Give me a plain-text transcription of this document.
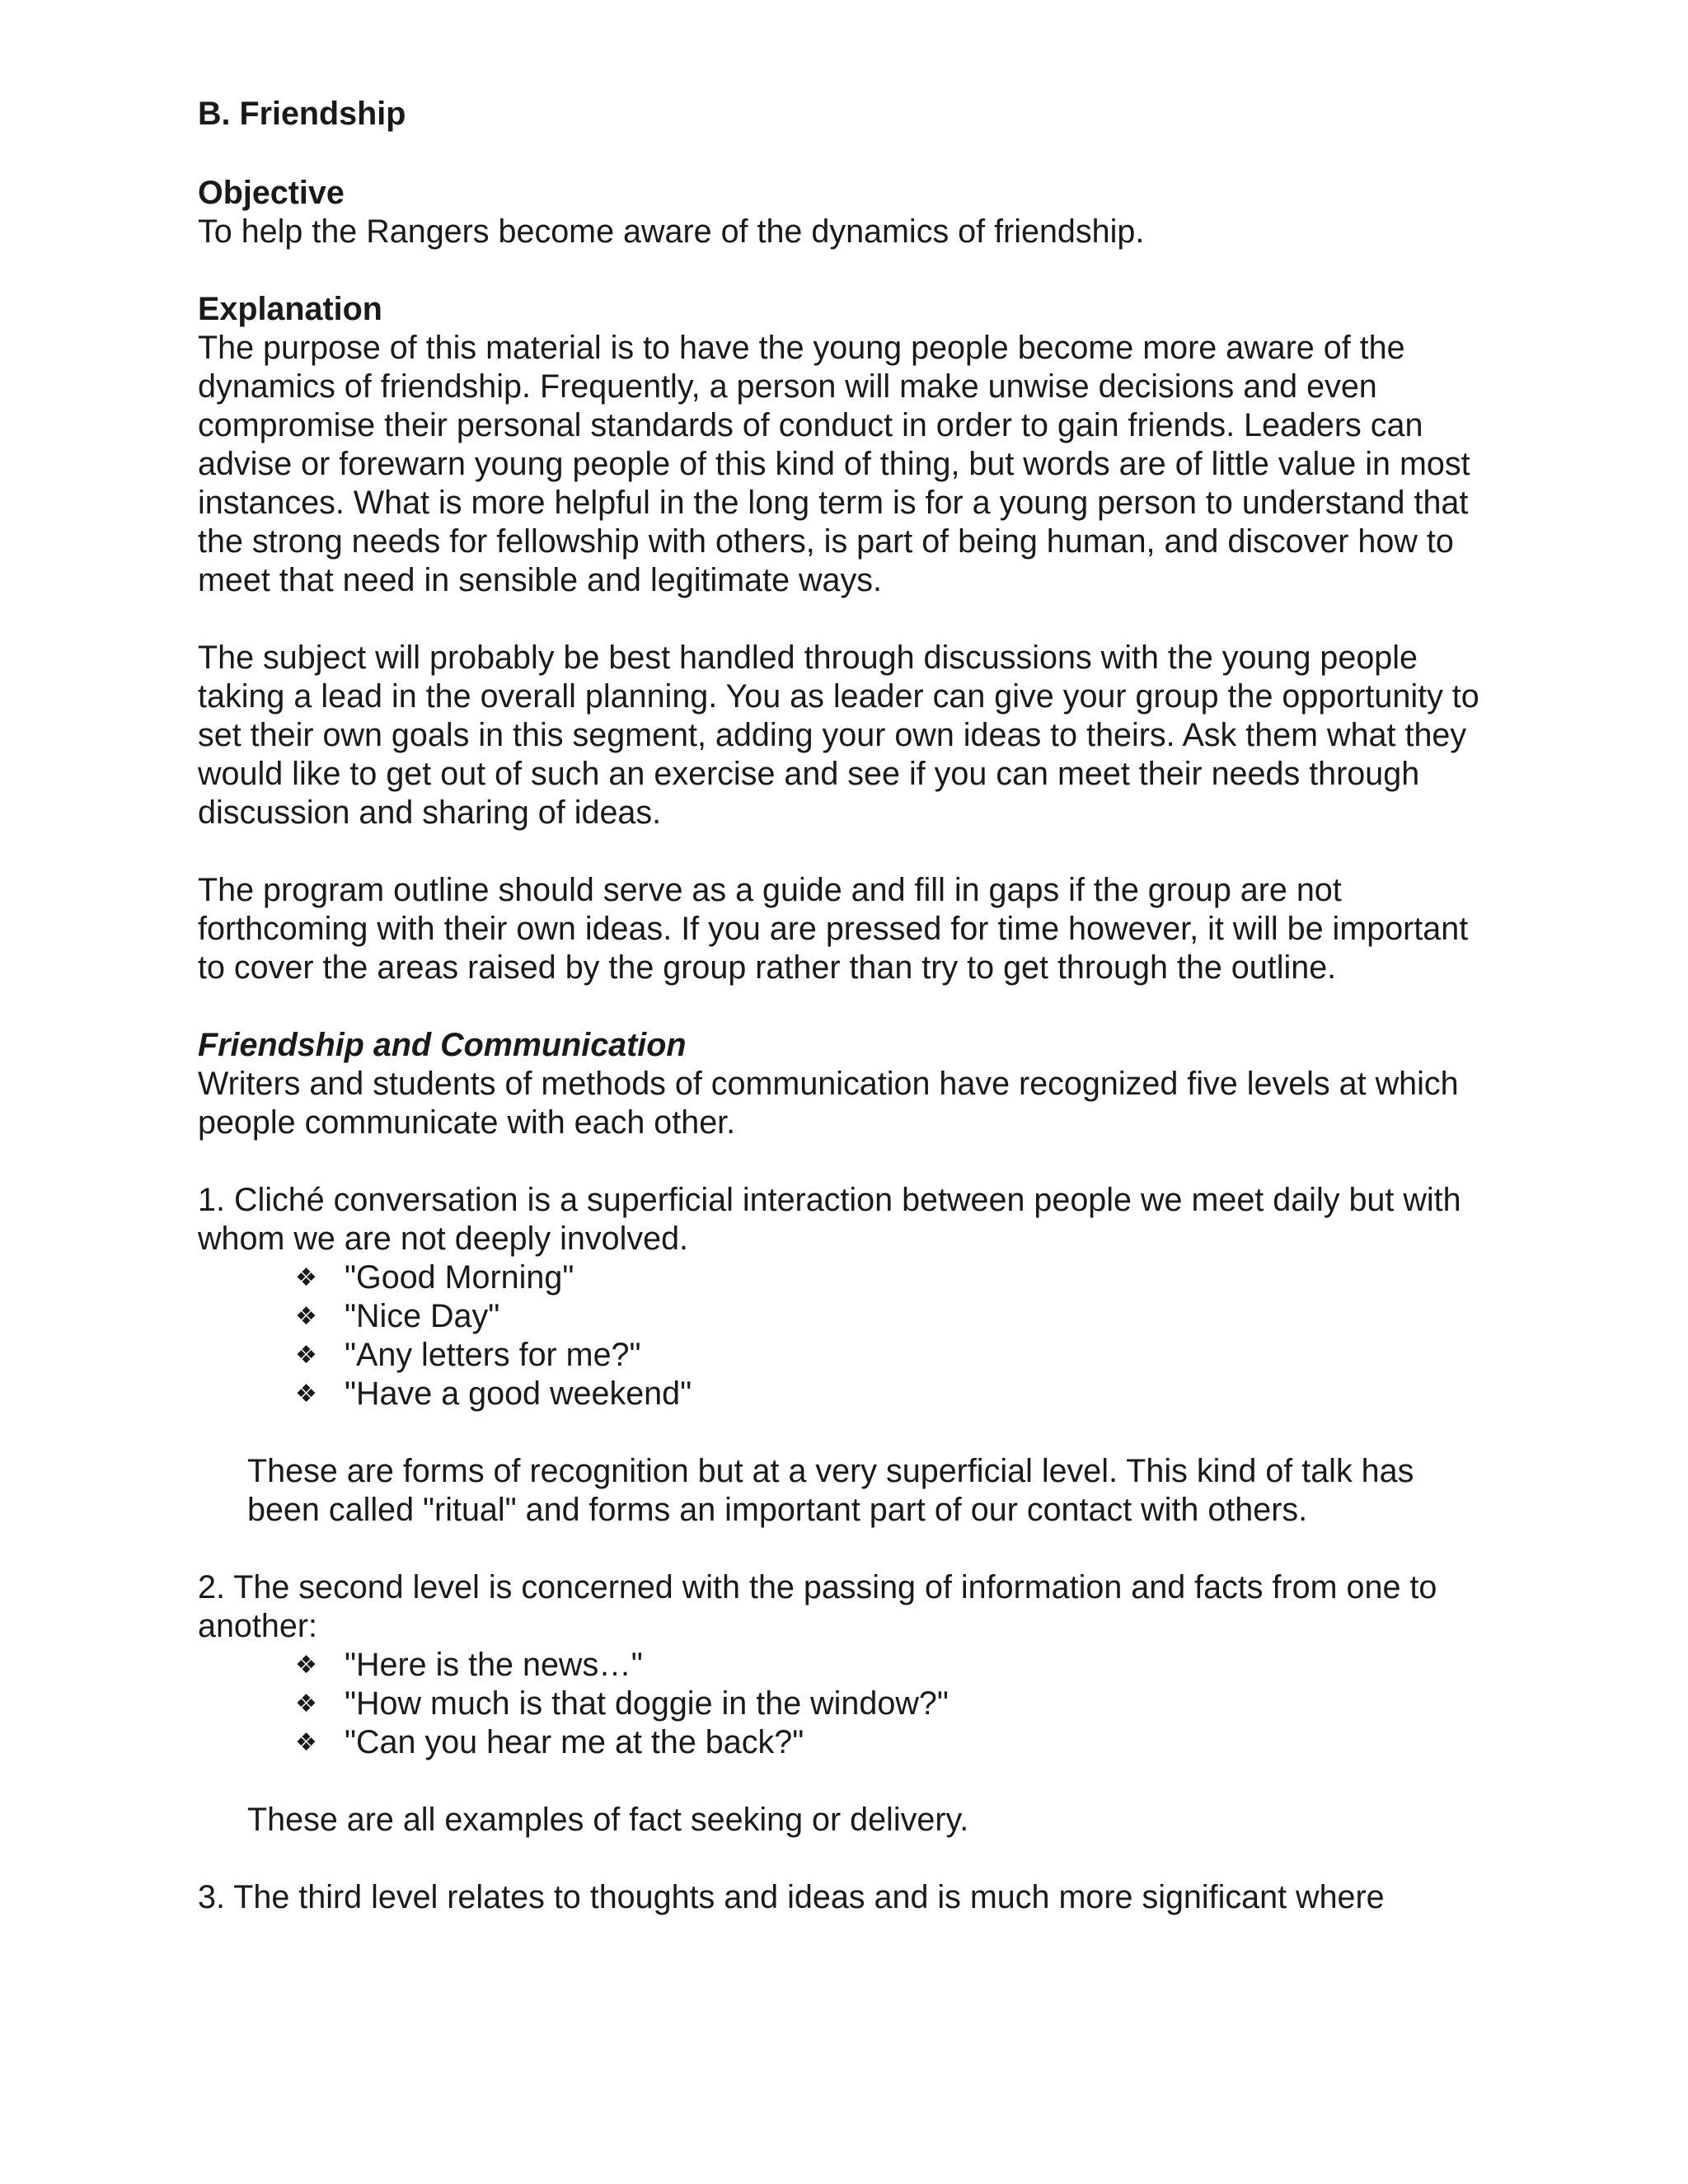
B. Friendship
Objective

To help the Rangers become aware of the dynamics of friendship.

Explanation

The purpose of this material is to have the young people become more aware of the dynamics of friendship. Frequently, a person will make unwise decisions and even compromise their personal standards of conduct in order to gain friends. Leaders can advise or forewarn young people of this kind of thing, but words are of little value in most instances. What is more helpful in the long term is for a young person to understand that the strong needs for fellowship with others, is part of being human, and discover how to meet that need in sensible and legitimate ways.

The subject will probably be best handled through discussions with the young people taking a lead in the overall planning. You as leader can give your group the opportunity to set their own goals in this segment, adding your own ideas to theirs. Ask them what they would like to get out of such an exercise and see if you can meet their needs through discussion and sharing of ideas.

The program outline should serve as a guide and fill in gaps if the group are not forthcoming with their own ideas. If you are pressed for time however, it will be important to cover the areas raised by the group rather than try to get through the outline.

Friendship and Communication

Writers and students of methods of communication have recognized five levels at which people communicate with each other.

1. Cliché conversation is a superficial interaction between people we meet daily but with whom we are not deeply involved.

❖ "Good Morning"
❖ "Nice Day"
❖ "Any letters for me?"
❖ "Have a good weekend"

These are forms of recognition but at a very superficial level. This kind of talk has been called "ritual" and forms an important part of our contact with others.

2. The second level is concerned with the passing of information and facts from one to another:

❖ "Here is the news…"
❖ "How much is that doggie in the window?"
❖ "Can you hear me at the back?"

These are all examples of fact seeking or delivery.

3. The third level relates to thoughts and ideas and is much more significant where
